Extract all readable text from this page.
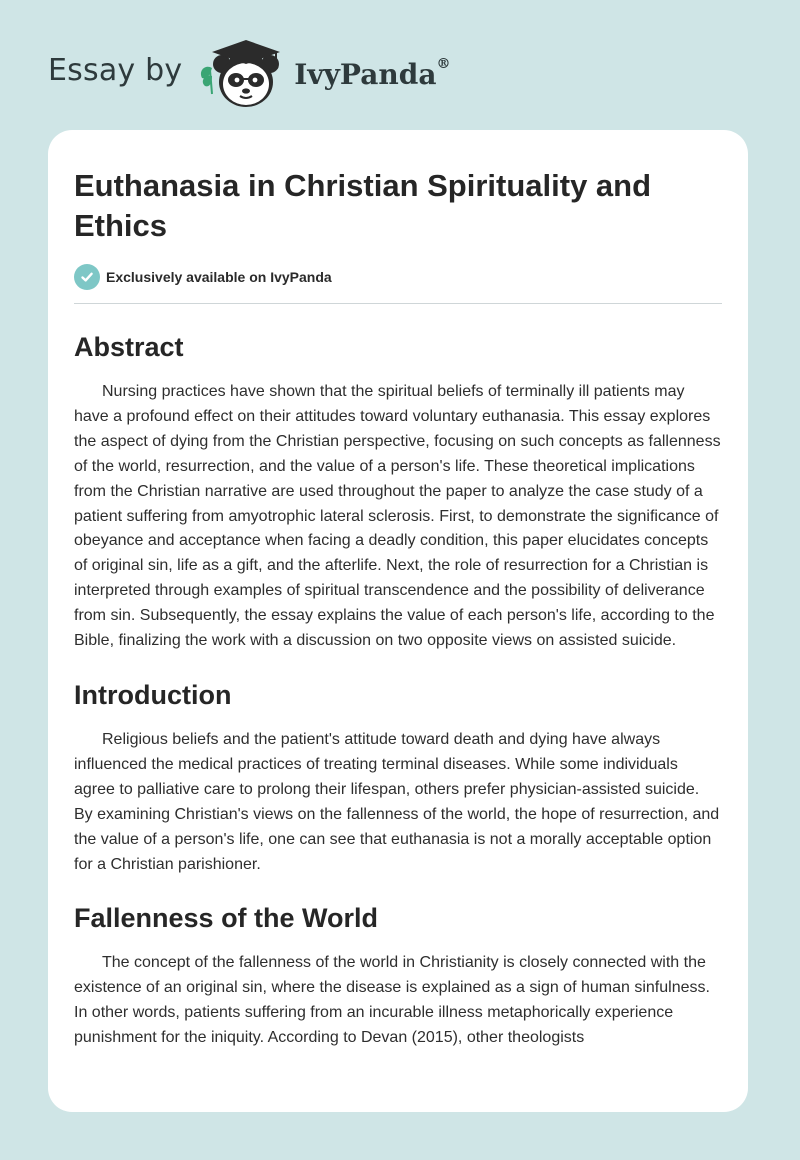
Essay by	IvyPanda®
Euthanasia in Christian Spirituality and Ethics
Exclusively available on IvyPanda
Abstract

Nursing practices have shown that the spiritual beliefs of terminally ill patients may have a profound effect on their attitudes toward voluntary euthanasia. This essay explores the aspect of dying from the Christian perspective, focusing on such concepts as fallenness of the world, resurrection, and the value of a person's life. These theoretical implications from the Christian narrative are used throughout the paper to analyze the case study of a patient suffering from amyotrophic lateral sclerosis. First, to demonstrate the significance of obeyance and acceptance when facing a deadly condition, this paper elucidates concepts of original sin, life as a gift, and the afterlife. Next, the role of resurrection for a Christian is interpreted through examples of spiritual transcendence and the possibility of deliverance from sin. Subsequently, the essay explains the value of each person's life, according to the Bible, finalizing the work with a discussion on two opposite views on assisted suicide.

Introduction

Religious beliefs and the patient's attitude toward death and dying have always influenced the medical practices of treating terminal diseases. While some individuals agree to palliative care to prolong their lifespan, others prefer physician-assisted suicide. By examining Christian's views on the fallenness of the world, the hope of resurrection, and the value of a person's life, one can see that euthanasia is not a morally acceptable option for a Christian parishioner.

Fallenness of the World

The concept of the fallenness of the world in Christianity is closely connected with the existence of an original sin, where the disease is explained as a sign of human sinfulness. In other words, patients suffering from an incurable illness metaphorically experience punishment for the iniquity. According to Devan (2015), other theologists
